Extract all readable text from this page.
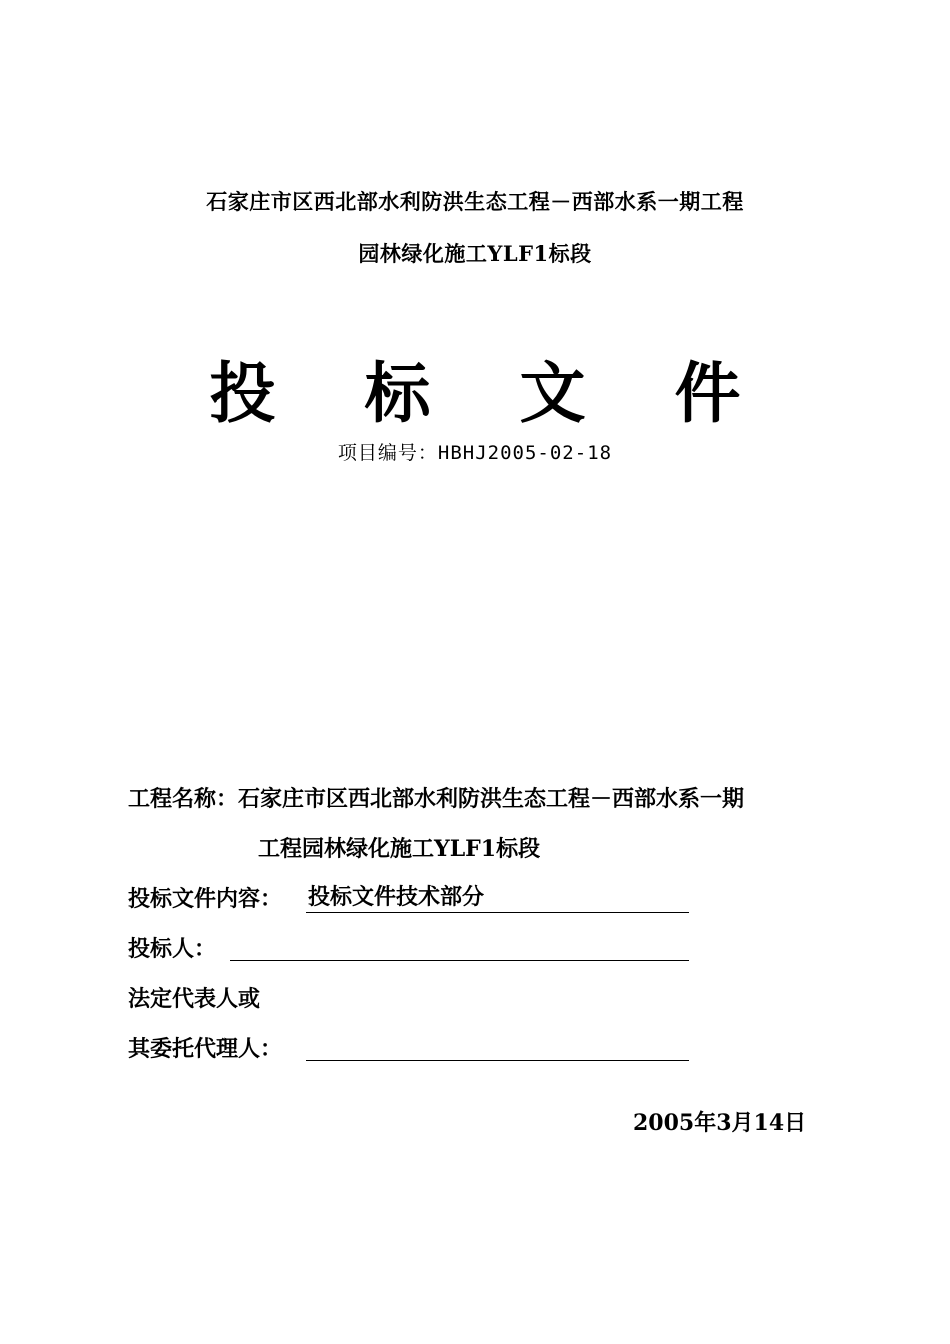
石家庄市区西北部水利防洪生态工程－西部水系一期工程
园林绿化施工YLF1标段
投 标 文 件
项目编号：HBHJ2005-02-18
工程名称：石家庄市区西北部水利防洪生态工程－西部水系一期
工程园林绿化施工YLF1标段
投标文件内容： 投标文件技术部分
投标人：
法定代表人或
其委托代理人：
2005年3月14日
